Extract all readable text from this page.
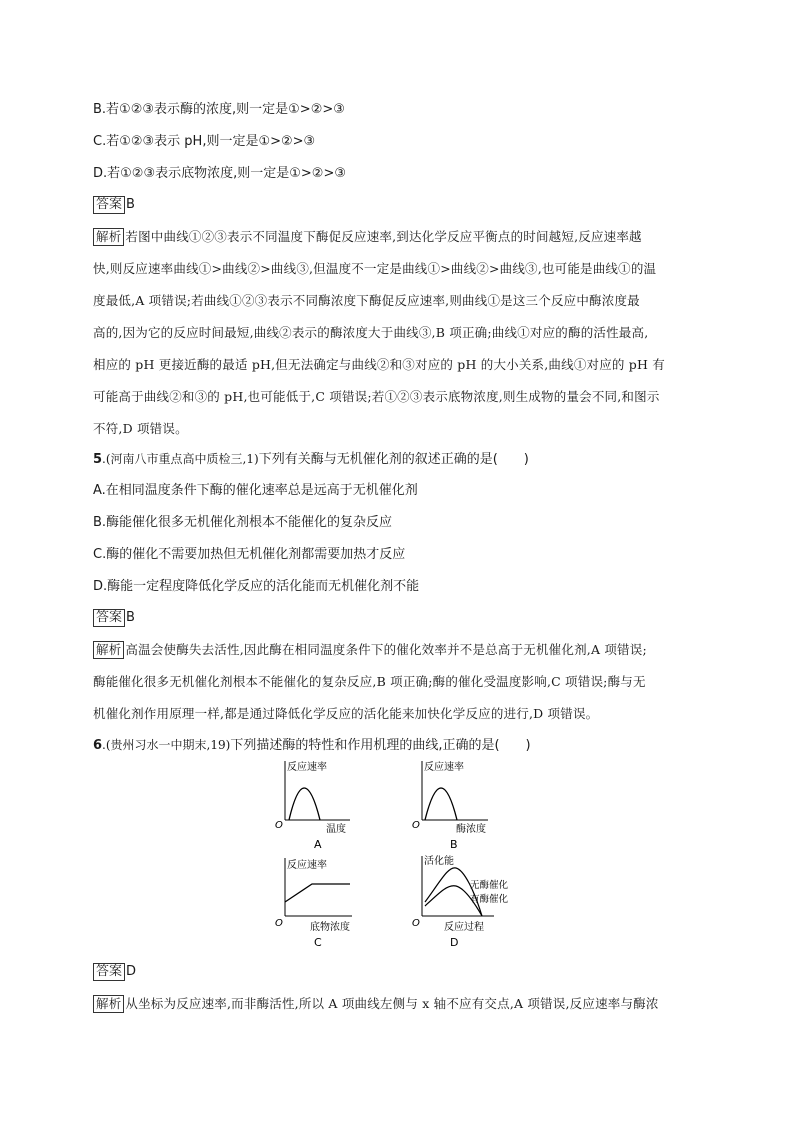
B.若①②③表示酶的浓度,则一定是①>②>③
C.若①②③表示 pH,则一定是①>②>③
D.若①②③表示底物浓度,则一定是①>②>③
答案 B
解析 若图中曲线①②③表示不同温度下酶促反应速率,到达化学反应平衡点的时间越短,反应速率越
快,则反应速率曲线①>曲线②>曲线③,但温度不一定是曲线①>曲线②>曲线③,也可能是曲线①的温
度最低,A 项错误;若曲线①②③表示不同酶浓度下酶促反应速率,则曲线①是这三个反应中酶浓度最
高的,因为它的反应时间最短,曲线②表示的酶浓度大于曲线③,B 项正确;曲线①对应的酶的活性最高,
相应的 pH 更接近酶的最适 pH,但无法确定与曲线②和③对应的 pH 的大小关系,曲线①对应的 pH 有
可能高于曲线②和③的 pH,也可能低于,C 项错误;若①②③表示底物浓度,则生成物的量会不同,和图示
不符,D 项错误。
5.(河南八市重点高中质检三,1)下列有关酶与无机催化剂的叙述正确的是(　　)
A.在相同温度条件下酶的催化速率总是远高于无机催化剂
B.酶能催化很多无机催化剂根本不能催化的复杂反应
C.酶的催化不需要加热但无机催化剂都需要加热才反应
D.酶能一定程度降低化学反应的活化能而无机催化剂不能
答案 B
解析 高温会使酶失去活性,因此酶在相同温度条件下的催化效率并不是总高于无机催化剂,A 项错误;
酶能催化很多无机催化剂根本不能催化的复杂反应,B 项正确;酶的催化受温度影响,C 项错误;酶与无
机催化剂作用原理一样,都是通过降低化学反应的活化能来加快化学反应的进行,D 项错误。
6.(贵州习水一中期末,19)下列描述酶的特性和作用机理的曲线,正确的是(　　)
反应速率
O	温度
A
反应速率
O	酶浓度
B
反应速率
O	底物浓度
C
活化能
O
无酶催化
有酶催化
反应过程
D
答案 D
解析 从坐标为反应速率,而非酶活性,所以 A 项曲线左侧与 x 轴不应有交点,A 项错误,反应速率与酶浓
